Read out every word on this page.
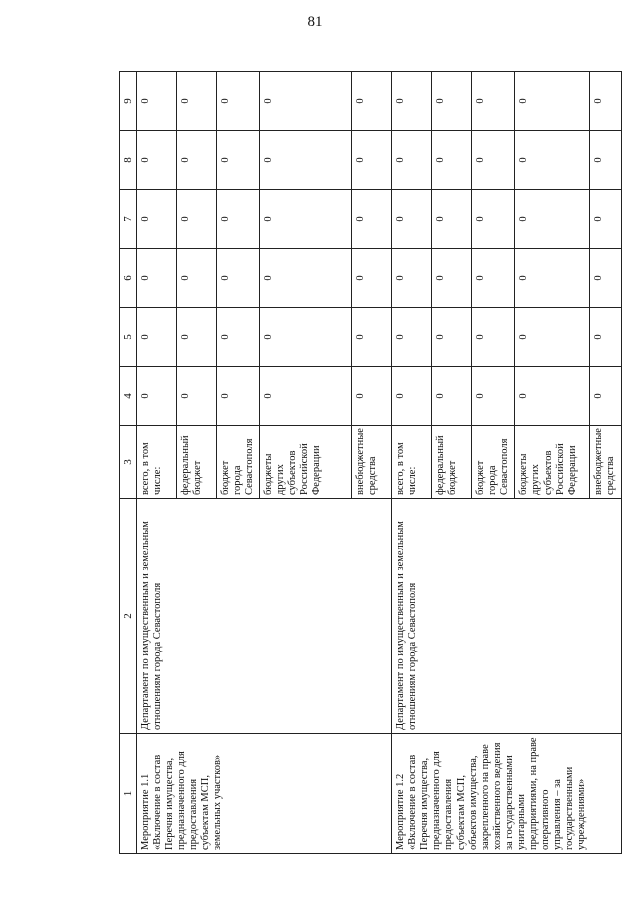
81
1	2	3	4	5	6	7	8	9
Мероприятие 1.1 «Включение в состав Перечня имущества, предназначенного для предоставления субъектам МСП, земельных участков»	Департамент по имущественным и земельным отношениям города Севастополя	всего, в том числе:	0	0	0	0	0	0
		федеральный бюджет	0	0	0	0	0	0
		бюджет города Севастополя	0	0	0	0	0	0
		бюджеты других субъектов Российской Федерации	0	0	0	0	0	0
		внебюджетные средства	0	0	0	0	0	0
Мероприятие 1.2 «Включение в состав Перечня имущества, предназначенного для предоставления субъектам МСП, объектов имущества, закрепленного на праве хозяйственного ведения за государственными унитарными предприятиями, на праве оперативного управления – за государственными учреждениями»	Департамент по имущественным и земельным отношениям города Севастополя	всего, в том числе:	0	0	0	0	0	0
		федеральный бюджет	0	0	0	0	0	0
		бюджет города Севастополя	0	0	0	0	0	0
		бюджеты других субъектов Российской Федерации	0	0	0	0	0	0
		внебюджетные средства	0	0	0	0	0	0
